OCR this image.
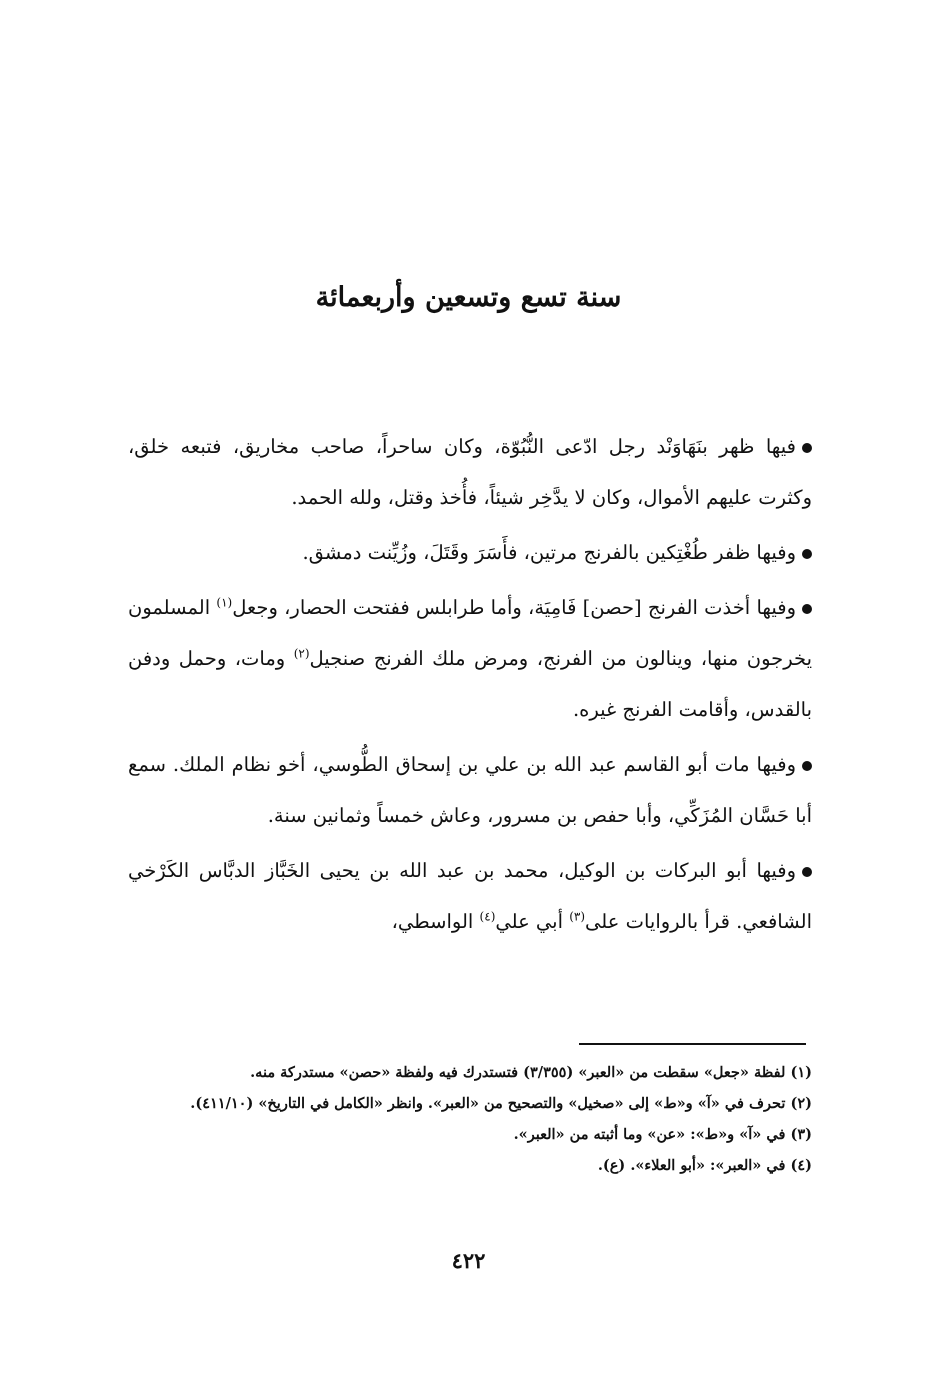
سنة تسع وتسعين وأربعمائة

فيها ظهر بنَهَاوَنْد رجل ادّعى النُّبُوّة، وكان ساحراً، صاحب مخاريق، فتبعه خلق، وكثرت عليهم الأموال، وكان لا يدَّخِر شيئاً، فأُخذ وقتل، ولله الحمد.

وفيها ظفر طُغْتِكين بالفرنج مرتين، فأَسَرَ وقَتَلَ، وزُيِّنت دمشق.

وفيها أخذت الفرنج [حصن] فَامِيَة، وأما طرابلس ففتحت الحصار، وجعل$^{(١)}$ المسلمون يخرجون منها، وينالون من الفرنج، ومرض ملك الفرنج صنجيل$^{(٢)}$ ومات، وحمل ودفن بالقدس، وأقامت الفرنج غيره.

وفيها مات أبو القاسم عبد الله بن علي بن إسحاق الطُّوسي، أخو نظام الملك. سمع أبا حَسَّان المُزَكِّي، وأبا حفص بن مسرور، وعاش خمساً وثمانين سنة.

وفيها أبو البركات بن الوكيل، محمد بن عبد الله بن يحيى الخَبَّاز الدبَّاس الكَرْخي الشافعي. قرأ بالروايات على$^{(٣)}$ أبي علي$^{(٤)}$ الواسطي،

(١) لفظة «جعل» سقطت من «العبر» (٣/٣٥٥) فتستدرك فيه ولفظة «حصن» مستدركة منه.

(٢) تحرف في «آ» و«ط» إلى «صخيل» والتصحيح من «العبر». وانظر «الكامل في التاريخ» (٤١١/١٠).

(٣) في «آ» و«ط»: «عن» وما أثبته من «العبر».

(٤) في «العبر»: «أبو العلاء». (ع).

٤٢٢
